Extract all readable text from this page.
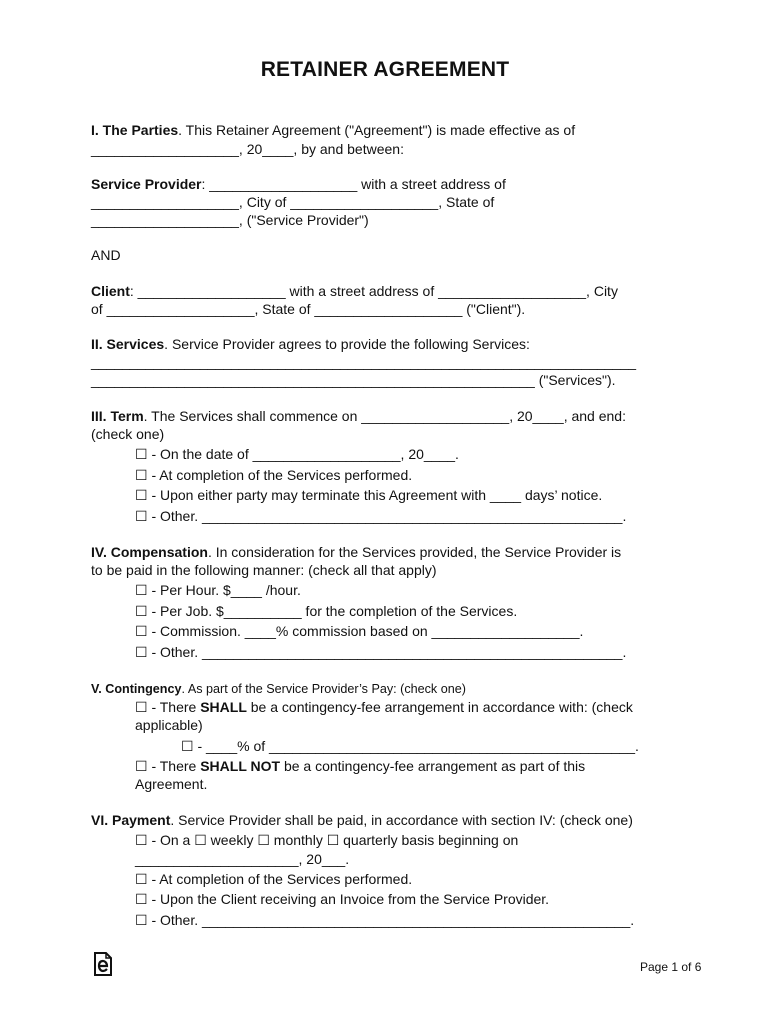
RETAINER AGREEMENT
I. The Parties. This Retainer Agreement ("Agreement") is made effective as of
___________________, 20____, by and between:
Service Provider: ___________________ with a street address of
___________________, City of ___________________, State of
___________________, ("Service Provider")
AND
Client: ___________________ with a street address of ___________________, City
of ___________________, State of ___________________ ("Client").
II. Services. Service Provider agrees to provide the following Services:
______________________________________________________________________
_________________________________________________________ ("Services").
III. Term. The Services shall commence on ___________________, 20____, and end:
(check one)
☐ - On the date of ___________________, 20____.
☐ - At completion of the Services performed.
☐ - Upon either party may terminate this Agreement with ____ days’ notice.
☐ - Other. ______________________________________________________.
IV. Compensation. In consideration for the Services provided, the Service Provider is
to be paid in the following manner: (check all that apply)
☐ - Per Hour. $____ /hour.
☐ - Per Job. $__________ for the completion of the Services.
☐ - Commission. ____% commission based on ___________________.
☐ - Other. ______________________________________________________.
V. Contingency. As part of the Service Provider’s Pay: (check one)
☐ - There SHALL be a contingency-fee arrangement in accordance with: (check
applicable)
☐ - ____% of _______________________________________________.
☐ - There SHALL NOT be a contingency-fee arrangement as part of this
Agreement.
VI. Payment. Service Provider shall be paid, in accordance with section IV: (check one)
☐ - On a ☐ weekly ☐ monthly ☐ quarterly basis beginning on
_____________________, 20___.
☐ - At completion of the Services performed.
☐ - Upon the Client receiving an Invoice from the Service Provider.
☐ - Other. _______________________________________________________.
Page 1 of 6
